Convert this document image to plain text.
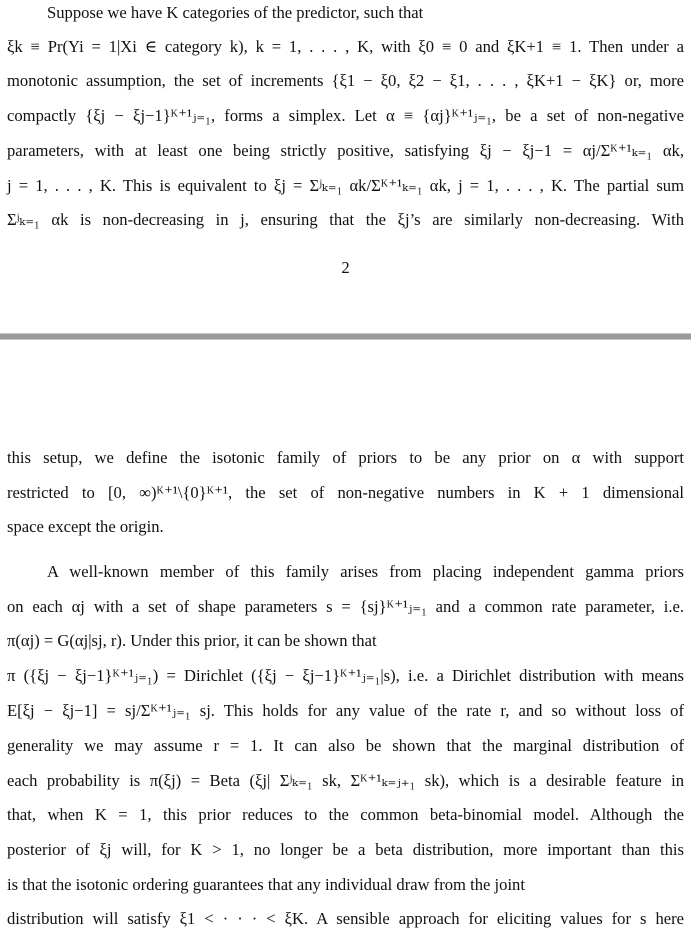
Suppose we have K categories of the predictor, such that
ξk ≡ Pr(Yi = 1|Xi ∈ category k), k = 1, . . . , K, with ξ0 ≡ 0 and ξK+1 ≡ 1. Then under a
monotonic assumption, the set of increments {ξ1 − ξ0, ξ2 − ξ1, . . . , ξK+1 − ξK} or, more
compactly {ξj − ξj−1}ᴷ⁺¹ⱼ₌₁, forms a simplex. Let α ≡ {αj}ᴷ⁺¹ⱼ₌₁, be a set of non-negative
parameters, with at least one being strictly positive, satisfying ξj − ξj−1 = αj/Σᴷ⁺¹ₖ₌₁ αk,
j = 1, . . . , K. This is equivalent to ξj = Σʲₖ₌₁ αk/Σᴷ⁺¹ₖ₌₁ αk, j = 1, . . . , K. The partial sum
Σʲₖ₌₁ αk is non-decreasing in j, ensuring that the ξj’s are similarly non-decreasing. With
2
this setup, we define the isotonic family of priors to be any prior on α with support
restricted to [0, ∞)ᴷ⁺¹\{0}ᴷ⁺¹, the set of non-negative numbers in K + 1 dimensional
space except the origin.
A well-known member of this family arises from placing independent gamma priors
on each αj with a set of shape parameters s = {sj}ᴷ⁺¹ⱼ₌₁ and a common rate parameter, i.e.
π(αj) = G(αj|sj, r). Under this prior, it can be shown that
π ({ξj − ξj−1}ᴷ⁺¹ⱼ₌₁) = Dirichlet ({ξj − ξj−1}ᴷ⁺¹ⱼ₌₁|s), i.e. a Dirichlet distribution with means
E[ξj − ξj−1] = sj/Σᴷ⁺¹ⱼ₌₁ sj. This holds for any value of the rate r, and so without loss of
generality we may assume r = 1. It can also be shown that the marginal distribution of
each probability is π(ξj) = Beta (ξj| Σʲₖ₌₁ sk, Σᴷ⁺¹ₖ₌ⱼ₊₁ sk), which is a desirable feature in
that, when K = 1, this prior reduces to the common beta-binomial model. Although the
posterior of ξj will, for K > 1, no longer be a beta distribution, more important than this
is that the isotonic ordering guarantees that any individual draw from the joint
distribution will satisfy ξ1 < · · · < ξK. A sensible approach for eliciting values for s here
